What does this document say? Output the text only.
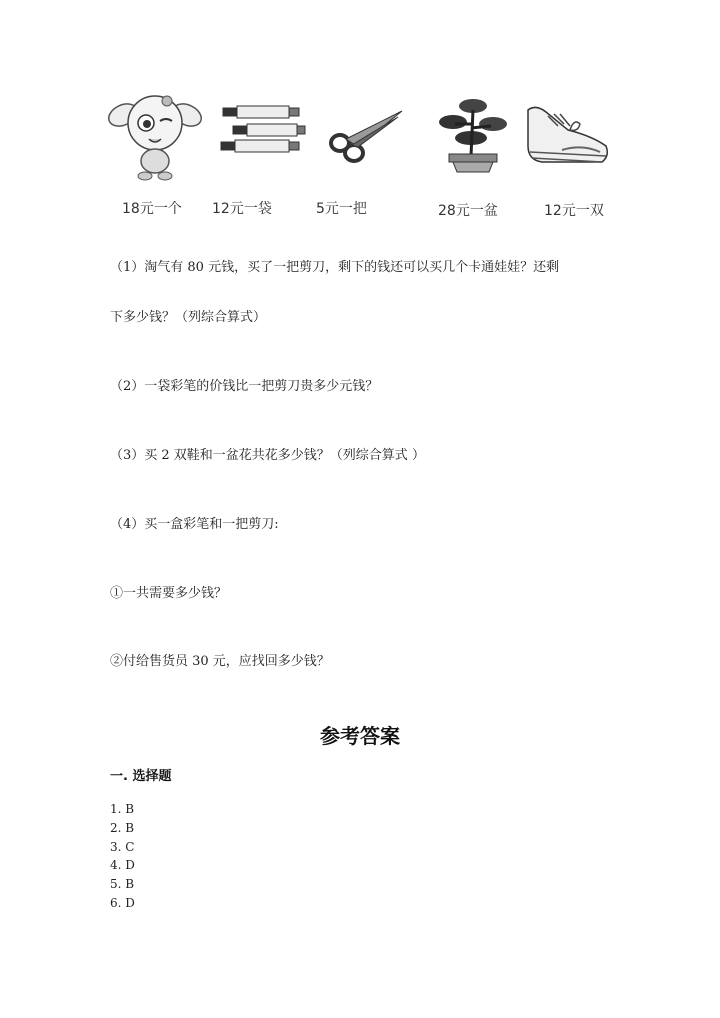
18元一个 12元一袋	5元一把	28元一盆	12元一双
（1）淘气有 80 元钱，买了一把剪刀，剩下的钱还可以买几个卡通娃娃？还剩
下多少钱？（列综合算式）
（2）一袋彩笔的价钱比一把剪刀贵多少元钱？
（3）买 2 双鞋和一盆花共花多少钱？（列综合算式 ）
（4）买一盒彩笔和一把剪刀:
①一共需要多少钱？
②付给售货员 30 元，应找回多少钱？
参考答案
一. 选择题
1. B
2. B
3. C
4. D
5. B
6. D
